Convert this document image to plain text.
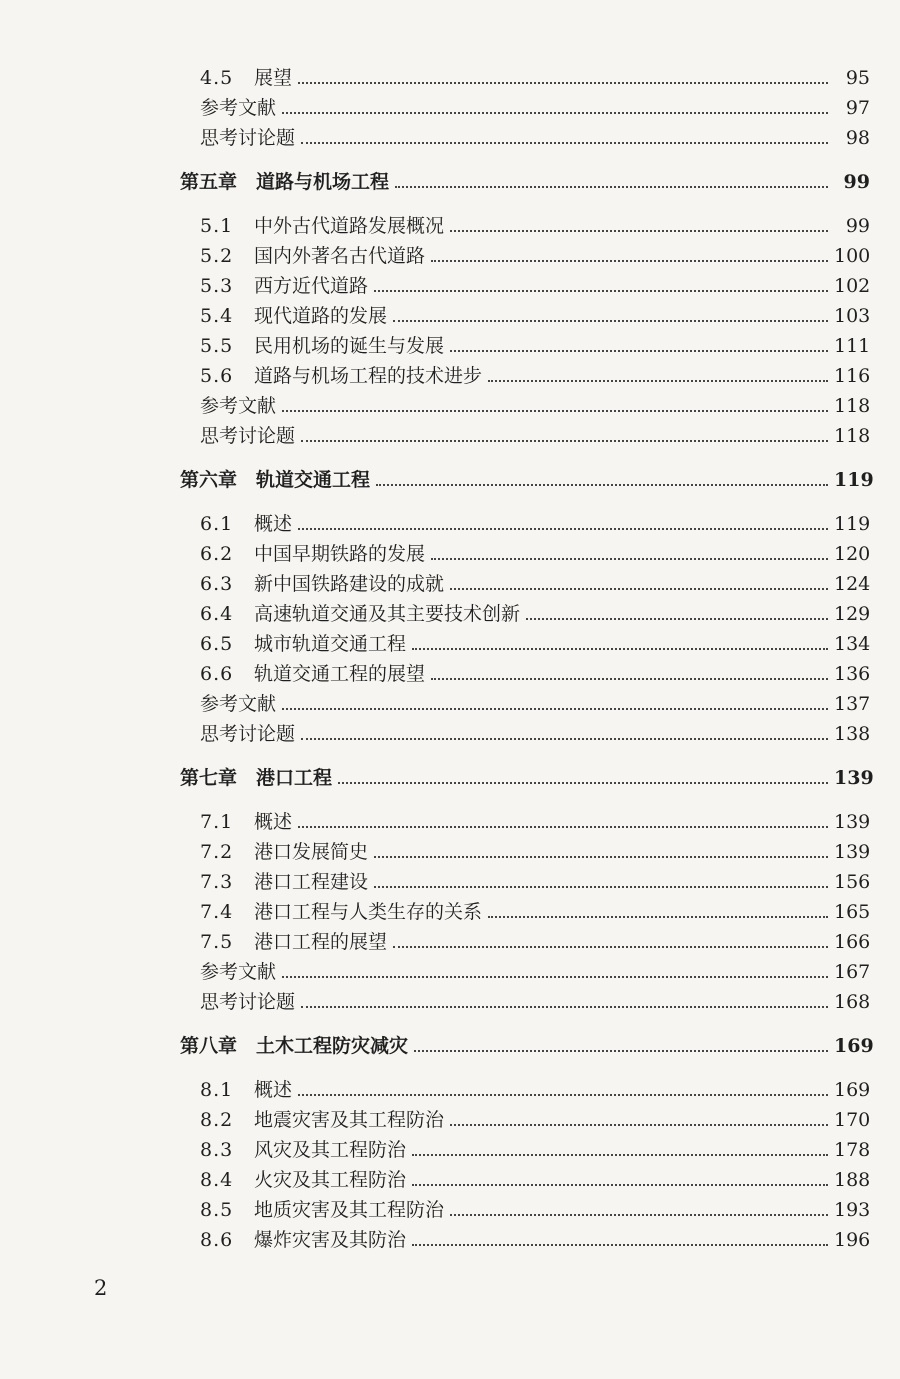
4.5	展望	95
参考文献	97
思考讨论题	98
第五章 道路与机场工程	99
5.1	中外古代道路发展概况	99
5.2	国内外著名古代道路	100
5.3	西方近代道路	102
5.4	现代道路的发展	103
5.5	民用机场的诞生与发展	111
5.6	道路与机场工程的技术进步	116
参考文献	118
思考讨论题	118
第六章 轨道交通工程	119
6.1	概述	119
6.2	中国早期铁路的发展	120
6.3	新中国铁路建设的成就	124
6.4	高速轨道交通及其主要技术创新	129
6.5	城市轨道交通工程	134
6.6	轨道交通工程的展望	136
参考文献	137
思考讨论题	138
第七章 港口工程	139
7.1	概述	139
7.2	港口发展简史	139
7.3	港口工程建设	156
7.4	港口工程与人类生存的关系	165
7.5	港口工程的展望	166
参考文献	167
思考讨论题	168
第八章 土木工程防灾减灾	169
8.1	概述	169
8.2	地震灾害及其工程防治	170
8.3	风灾及其工程防治	178
8.4	火灾及其工程防治	188
8.5	地质灾害及其工程防治	193
8.6	爆炸灾害及其防治	196
2
